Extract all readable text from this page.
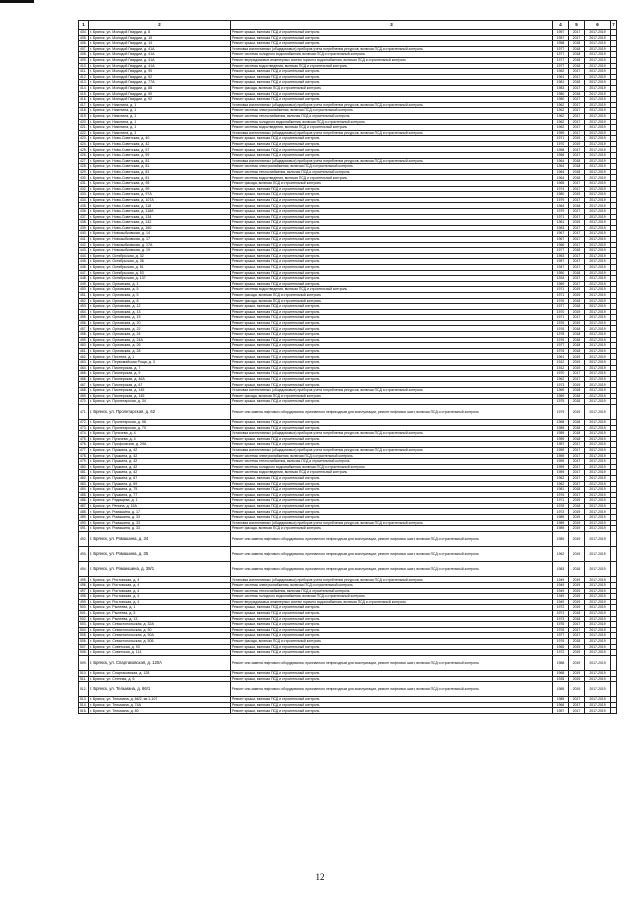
1	2	3	4	5	6	7
404.	г. Брянск, ул. Молодой Гвардии, д. 8	Ремонт крыши, включая ПСД и строительный контроль	1957	2017	2017-2019	
405.	г. Брянск, ул. Молодой Гвардии, д. 10	Ремонт крыши, включая ПСД и строительный контроль	1957	2017	2017-2019	
406.	г. Брянск, ул. Молодой Гвардии, д. 14	Ремонт крыши, включая ПСД и строительный контроль	1958	2018	2017-2019	
407.	г. Брянск, ул. Молодой Гвардии, д. 41А	Установка коллективных (общедомовых) приборов учета потребления ресурсов, включая ПСД и строительный контроль	1977	2018	2017-2019	
408.	г. Брянск, ул. Молодой Гвардии, д. 41А	Ремонт системы холодного водоснабжения, включая ПСД и строительный контроль	1977	2018	2017-2019	
409.	г. Брянск, ул. Молодой Гвардии, д. 41А	Ремонт внутридомовых инженерных систем горячего водоснабжения, включая ПСД и строительный контроль	1977	2018	2017-2019	
410.	г. Брянск, ул. Молодой Гвардии, д. 41А	Ремонт системы водоотведения, включая ПСД и строительный контроль	1977	2018	2017-2019	
411.	г. Брянск, ул. Молодой Гвардии, д. 90	Ремонт крыши, включая ПСД и строительный контроль	1962	2017	2017-2019	
412.	г. Брянск, ул. Молодой Гвардии, д. 92	Ремонт крыши, включая ПСД и строительный контроль	1961	2017	2017-2019	
413.	г. Брянск, ул. Молодой Гвардии, д. 77А	Ремонт крыши, включая ПСД и строительный контроль	1981	2018	2017-2019	
414.	г. Брянск, ул. Молодой Гвардии, д. 88	Ремонт фасада, включая ПСД и строительный контроль	1983	2017	2017-2019	
415.	г. Брянск, ул. Молодой Гвардии, д. 90	Ремонт крыши, включая ПСД и строительный контроль	1980	2018	2017-2019	
416.	г. Брянск, ул. Молодой Гвардии, д. 92	Ремонт крыши, включая ПСД и строительный контроль	1980	2017	2017-2019	
417.	г. Брянск, ул. Никитина, д. 1	Установка коллективных (общедомовых) приборов учета потребления ресурсов, включая ПСД и строительный контроль	1962	2017	2017-2019	
418.	г. Брянск, ул. Никитина, д. 1	Ремонт системы электроснабжения, включая ПСД и строительный контроль	1962	2017	2017-2019	
419.	г. Брянск, ул. Никитина, д. 1	Ремонт системы теплоснабжения, включая ПСД и строительный контроль	1962	2017	2017-2019	
420.	г. Брянск, ул. Никитина, д. 1	Ремонт системы холодного водоснабжения, включая ПСД и строительный контроль	1962	2017	2017-2019	
421.	г. Брянск, ул. Никитина, д. 1	Ремонт системы водоотведения, включая ПСД и строительный контроль	1962	2017	2017-2019	
422.	г. Брянск, ул. Никитина, д. 3	Установка коллективных (общедомовых) приборов учета потребления ресурсов, включая ПСД и строительный контроль	1959	2017	2017-2019	
423.	г. Брянск, ул. Ново-Советская, д. 40	Ремонт крыши, включая ПСД и строительный контроль	1971	2019	2017-2019	
424.	г. Брянск, ул. Ново-Советская, д. 42	Ремонт крыши, включая ПСД и строительный контроль	1970	2019	2017-2019	
425.	г. Брянск, ул. Ново-Советская, д. 57	Ремонт крыши, включая ПСД и строительный контроль	1958	2017	2017-2019	
426.	г. Брянск, ул. Ново-Советская, д. 59	Ремонт крыши, включая ПСД и строительный контроль	1956	2017	2017-2019	
427.	г. Брянск, ул. Ново-Советская, д. 81	Установка коллективных (общедомовых) приборов учета потребления ресурсов, включая ПСД и строительный контроль	1964	2018	2017-2019	
428.	г. Брянск, ул. Ново-Советская, д. 81	Ремонт системы электроснабжения, включая ПСД и строительный контроль	1964	2018	2017-2019	
429.	г. Брянск, ул. Ново-Советская, д. 81	Ремонт системы теплоснабжения, включая ПСД и строительный контроль	1964	2018	2017-2019	
430.	г. Брянск, ул. Ново-Советская, д. 81	Ремонт системы водоотведения, включая ПСД и строительный контроль	1964	2018	2017-2019	
431.	г. Брянск, ул. Ново-Советская, д. 95	Ремонт фасада, включая ПСД и строительный контроль	1965	2017	2017-2019	
432.	г. Брянск, ул. Ново-Советская, д. 99	Ремонт крыши, включая ПСД и строительный контроль	1974	2017	2017-2019	
433.	г. Брянск, ул. Ново-Советская, д. 97А	Ремонт крыши, включая ПСД и строительный контроль	1980	2019	2017-2019	
434.	г. Брянск, ул. Ново-Советская, д. 107А	Ремонт крыши, включая ПСД и строительный контроль	1979	2017	2017-2019	
435.	г. Брянск, ул. Ново-Советская, д. 118	Ремонт крыши, включая ПСД и строительный контроль	1964	2018	2017-2019	
436.	г. Брянск, ул. Ново-Советская, д. 118А	Ремонт крыши, включая ПСД и строительный контроль	1979	2017	2017-2019	
437.	г. Брянск, ул. Ново-Советская, д. 134	Ремонт крыши, включая ПСД и строительный контроль	1971	2017	2017-2019	
438.	г. Брянск, ул. Ново-Советская, д. 142	Ремонт крыши, включая ПСД и строительный контроль	1961	2019	2017-2019	
439.	г. Брянск, ул. Ново-Советская, д. 160	Ремонт крыши, включая ПСД и строительный контроль	1963	2017	2017-2019	
440.	г. Брянск, ул. Новозыбковская, д. 14	Ремонт крыши, включая ПСД и строительный контроль	1967	2017	2017-2019	
441.	г. Брянск, ул. Новозыбковская, д. 17	Ремонт крыши, включая ПСД и строительный контроль	1967	2017	2017-2019	
442.	г. Брянск, ул. Новозыбковская, д. 17А	Ремонт крыши, включая ПСД и строительный контроль	1966	2017	2017-2019	
443.	г. Брянск, ул. Новозыбковская, д. 19	Ремонт крыши, включая ПСД и строительный контроль	1977	2018	2017-2019	
444.	г. Брянск, ул. Октябрьская, д. 32	Ремонт крыши, включая ПСД и строительный контроль	1953	2017	2017-2019	
445.	г. Брянск, ул. Октябрьская, д. 36	Ремонт крыши, включая ПСД и строительный контроль	1957	2017	2017-2019	
446.	г. Брянск, ул. Октябрьская, д. 51	Ремонт крыши, включая ПСД и строительный контроль	1947	2017	2017-2019	
447.	г. Брянск, ул. Октябрьская, д. 53	Ремонт крыши, включая ПСД и строительный контроль	1950	2018	2017-2019	
448.	г. Брянск, ул. Октябрьская, д. 137	Ремонт крыши, включая ПСД и строительный контроль	1934	2017	2017-2019	
449.	г. Брянск, ул. Орловская, д. 1	Ремонт крыши, включая ПСД и строительный контроль	1969	2017	2017-2019	
450.	г. Брянск, ул. Орловская, д. 5	Ремонт системы водоотведения, включая ПСД и строительный контроль	1971	2019	2017-2019	
451.	г. Брянск, ул. Орловская, д. 5	Ремонт фасада, включая ПСД и строительный контроль	1971	2019	2017-2019	
452.	г. Брянск, ул. Орловская, д. 8	Ремонт фасада, включая ПСД и строительный контроль	1976	2018	2017-2019	
453.	г. Брянск, ул. Орловская, д. 12	Ремонт крыши, включая ПСД и строительный контроль	1977	2018	2017-2019	
454.	г. Брянск, ул. Орловская, д. 13	Ремонт крыши, включая ПСД и строительный контроль	1970	2019	2017-2019	
455.	г. Брянск, ул. Орловская, д. 15	Ремонт крыши, включая ПСД и строительный контроль	1971	2017	2017-2019	
456.	г. Брянск, ул. Орловская, д. 20	Ремонт крыши, включая ПСД и строительный контроль	1976	2019	2017-2019	
457.	г. Брянск, ул. Орловская, д. 22	Ремонт крыши, включая ПСД и строительный контроль	1976	2018	2017-2019	
458.	г. Брянск, ул. Орловская, д. 24	Ремонт крыши, включая ПСД и строительный контроль	1978	2018	2017-2019	
459.	г. Брянск, ул. Орловская, д. 24А	Ремонт крыши, включая ПСД и строительный контроль	1976	2018	2017-2019	
460.	г. Брянск, ул. Орловская, д. 26	Ремонт крыши, включая ПСД и строительный контроль	1977	2018	2017-2019	
461.	г. Брянск, ул. Орловская, д. 28	Ремонт крыши, включая ПСД и строительный контроль	1976	2018	2017-2019	
462.	г. Брянск, ул. Пестеля, д. 1	Ремонт крыши, включая ПСД и строительный контроль	1961	2019	2017-2019	
463.	г. Брянск, ул. Первомайская Роща, д. 3	Ремонт крыши, включая ПСД и строительный контроль	1912	2019	2017-2019	
464.	г. Брянск, ул. Пионерская, д. 7	Ремонт крыши, включая ПСД и строительный контроль	1912	2019	2017-2019	
465.	г. Брянск, ул. Пионерская, д. 9	Ремонт крыши, включая ПСД и строительный контроль	1970	2017	2017-2019	
466.	г. Брянск, ул. Пионерская, д. 46А	Ремонт крыши, включая ПСД и строительный контроль	1962	2017	2017-2019	
467.	г. Брянск, ул. Пионерская, д. 87	Ремонт крыши, включая ПСД и строительный контроль	1973	2019	2017-2019	
468.	г. Брянск, ул. Пионерская, д. 145	Установка коллективных (общедомовых) приборов учета потребления ресурсов, включая ПСД и строительный контроль	1969	2018	2017-2019	
469.	г. Брянск, ул. Пионерская, д. 145	Ремонт фасада, включая ПСД и строительный контроль	1969	2018	2017-2019	
470.	г. Брянск, ул. Пролетарская, д. 34	Ремонт крыши, включая ПСД и строительный контроль	1975	2018	2017-2019	
471.	г. Брянск, ул. Пролетарская, д. 62	Ремонт или замена лифтового оборудования, признанного непригодным для эксплуатации, ремонт лифтовых шахт, включая ПСД и строительный контроль	1979	2019	2017-2019	
472.	г. Брянск, ул. Пролетарская, д. 58	Ремонт крыши, включая ПСД и строительный контроль	1968	2018	2017-2019	
473.	г. Брянск, ул. Пролетарская, д. 70	Ремонт крыши, включая ПСД и строительный контроль	1985	2018	2017-2019	
474.	г. Брянск, ул. Пугачева, д. 4	Установка коллективных (общедомовых) приборов учета потребления ресурсов, включая ПСД и строительный контроль	1959	2018	2017-2019	
475.	г. Брянск, ул. Пугачева, д. 4	Ремонт крыши, включая ПСД и строительный контроль	1959	2018	2017-2019	
476.	г. Брянск, ул. Профсоюзов, д. 29А	Ремонт крыши, включая ПСД и строительный контроль	1957	2017	2017-2019	
477.	г. Брянск, ул. Пушкина, д. 42	Установка коллективных (общедомовых) приборов учета потребления ресурсов, включая ПСД и строительный контроль	1959	2017	2017-2019	
478.	г. Брянск, ул. Пушкина, д. 42	Ремонт системы электроснабжения, включая ПСД и строительный контроль	1959	2017	2017-2019	
479.	г. Брянск, ул. Пушкина, д. 42	Ремонт системы теплоснабжения, включая ПСД и строительный контроль	1959	2017	2017-2019	
480.	г. Брянск, ул. Пушкина, д. 42	Ремонт системы холодного водоснабжения, включая ПСД и строительный контроль	1959	2017	2017-2019	
481.	г. Брянск, ул. Пушкина, д. 42	Ремонт системы водоотведения, включая ПСД и строительный контроль	1959	2017	2017-2019	
482.	г. Брянск, ул. Пушкина, д. 67	Ремонт крыши, включая ПСД и строительный контроль	1962	2017	2017-2019	
483.	г. Брянск, ул. Пушкина, д. 69	Ремонт крыши, включая ПСД и строительный контроль	1962	2017	2017-2019	
484.	г. Брянск, ул. Пушкина, д. 75	Ремонт крыши, включая ПСД и строительный контроль	1981	2018	2017-2019	
485.	г. Брянск, ул. Пушкина, д. 77	Ремонт крыши, включая ПСД и строительный контроль	1976	2017	2017-2019	
486.	г. Брянск, ул. Радищева, д. 1	Ремонт крыши, включая ПСД и строительный контроль	1971	2019	2017-2019	
487.	г. Брянск, ул. Репина, д. 15А	Ремонт крыши, включая ПСД и строительный контроль	1976	2018	2017-2019	
488.	г. Брянск, ул. Ромашина, д. 17	Ремонт крыши, включая ПСД и строительный контроль	1972	2019	2017-2019	
489.	г. Брянск, ул. Ромашина, д. 33	Ремонт крыши, включая ПСД и строительный контроль	1989	2019	2017-2019	
490.	г. Брянск, ул. Ромашина, д. 33	Установка коллективных (общедомовых) приборов учета потребления ресурсов, включая ПСД и строительный контроль	1989	2019	2017-2019	
491.	г. Брянск, ул. Ромашина, д. 33	Ремонт фасада, включая ПСД и строительный контроль	1989	2019	2017-2019	
492.	г. Брянск, ул. Ромашина, д. 34	Ремонт или замена лифтового оборудования, признанного непригодным для эксплуатации, ремонт лифтовых шахт, включая ПСД и строительный контроль	1989	2019	2017-2019	
493.	г. Брянск, ул. Ромашина, д. 35	Ремонт или замена лифтового оборудования, признанного непригодным для эксплуатации, ремонт лифтовых шахт, включая ПСД и строительный контроль	1962	2019	2017-2019	
494.	г. Брянск, ул. Романшина, д. 38/1	Ремонт или замена лифтового оборудования, признанного непригодным для эксплуатации, ремонт лифтовых шахт, включая ПСД и строительный контроль	1983	2018	2017-2019	
495.	г. Брянск, ул. Ростовская, д. 4	Установка коллективных (общедомовых) приборов учета потребления ресурсов, включая ПСД и строительный контроль	1949	2019	2017-2019	
496.	г. Брянск, ул. Ростовская, д. 4	Ремонт системы электроснабжения, включая ПСД и строительный контроль	1949	2019	2017-2019	
497.	г. Брянск, ул. Ростовская, д. 4	Ремонт системы теплоснабжения, включая ПСД и строительный контроль	1949	2019	2017-2019	
498.	г. Брянск, ул. Ростовская, д. 4	Ремонт системы холодного водоснабжения, включая ПСД и строительный контроль	1949	2019	2017-2019	
499.	г. Брянск, ул. Ростовская, д. 4	Ремонт внутридомовых инженерных систем горячего водоснабжения, включая ПСД и строительный контроль	1949	2019	2017-2019	
500.	г. Брянск, ул. Рылеева, д. 1	Ремонт крыши, включая ПСД и строительный контроль	1972	2019	2017-2019	
501.	г. Брянск, ул. Рылеева, д. 5	Ремонт крыши, включая ПСД и строительный контроль	1971	2018	2017-2019	
502.	г. Брянск, ул. Рылеева, д. 13	Ремонт крыши, включая ПСД и строительный контроль	1973	2018	2017-2019	
503.	г. Брянск, ул. Севастопольская, д. 32А	Ремонт крыши, включая ПСД и строительный контроль	1976	2017	2017-2019	
504.	г. Брянск, ул. Севастопольская, д. 50	Ремонт крыши, включая ПСД и строительный контроль	1976	2017	2017-2019	
505.	г. Брянск, ул. Севастопольская, д. 50А	Ремонт крыши, включая ПСД и строительный контроль	1977	2017	2017-2019	
506.	г. Брянск, ул. Севастопольская, д. 50Б	Ремонт фасада, включая ПСД и строительный контроль	1976	2018	2017-2019	
507.	г. Брянск, ул. Советская, д. 93	Ремонт крыши, включая ПСД и строительный контроль	1965	2019	2017-2019	
508.	г. Брянск, ул. Советская, д. 114	Ремонт крыши, включая ПСД и строительный контроль	1972	2019	2017-2019	
509.	г. Брянск, ул. Спартаковская, д. 120А	Ремонт или замена лифтового оборудования, признанного непригодным для эксплуатации, ремонт лифтовых шахт, включая ПСД и строительный контроль	1988	2019	2017-2019	
510.	г. Брянск, ул. Спартаковская, д. 128	Ремонт крыши, включая ПСД и строительный контроль	1968	2019	2017-2019	
511.	г. Брянск, ул. Степная, д. 6	Ремонт крыши, включая ПСД и строительный контроль	1935	2019	2017-2019	
512.	г. Брянск, ул. Тельмана, д. 66/1	Ремонт или замена лифтового оборудования, признанного непригодным для эксплуатации, ремонт лифтовых шахт, включая ПСД и строительный контроль	1985	2019	2017-2019	
513.	г. Брянск, ул. Тельмана, д. 66/2, кв.1-107	Ремонт крыши, включая ПСД и строительный контроль	1985	2017	2017-2019	
514.	г. Брянск, ул. Тельмана, д. 74А	Ремонт крыши, включая ПСД и строительный контроль	1966	2017	2017-2019	
515.	г. Брянск, ул. Тельмана, д. 80	Ремонт крыши, включая ПСД и строительный контроль	1957	2017	2017-2019	
12
